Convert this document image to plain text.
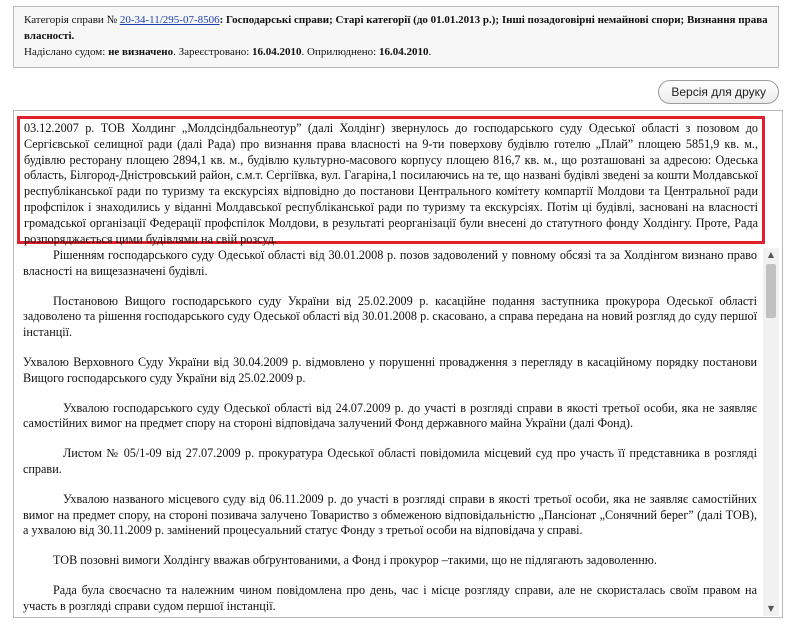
Категорія справи № 20-34-11/295-07-8506: Господарські справи; Старі категорії (до 01.01.2013 р.); Інші позадоговірні немайнові спори; Визнання права власності.
Надіслано судом: не визначено. Зареєстровано: 16.04.2010. Оприлюднено: 16.04.2010.
Версія для друку
03.12.2007 р. ТОВ Холдинг „Молдсіндбальнеотур” (далі Холдінг) звернулось до господарського суду Одеської області з позовом до Сергієвської селищної ради (далі Рада) про визнання права власності на 9-ти поверхову будівлю готелю „Плай” площею 5851,9 кв. м., будівлю ресторану площею 2894,1 кв. м., будівлю культурно-масового корпусу площею 816,7 кв. м., що розташовані за адресою: Одеська область, Білгород-Дністровський район, с.м.т. Сергіївка, вул. Гагаріна,1 посилаючись на те, що названі будівлі зведені за кошти Молдавської республіканської ради по туризму та екскурсіях відповідно до постанови Центрального комітету компартії Молдови та Центральної ради профспілок і знаходились у віданні Молдавської республіканської ради по туризму та екскурсіях. Потім ці будівлі, засновані на власності громадської організації Федерації профспілок Молдови, в результаті реорганізації були внесені до статутного фонду Холдінгу. Проте, Рада розпоряджається цими будівлями на свій розсуд.

Рішенням господарського суду Одеської області від 30.01.2008 р. позов задоволений у повному обсязі та за Холдінгом визнано право власності на вищезазначені будівлі.

Постановою Вищого господарського суду України від 25.02.2009 р. касаційне подання заступника прокурора Одеської області задоволено та рішення господарського суду Одеської області від 30.01.2008 р. скасовано, а справа передана на новий розгляд до суду першої інстанції.

Ухвалою Верховного Суду України від 30.04.2009 р. відмовлено у порушенні провадження з перегляду в касаційному порядку постанови Вищого господарського суду України від 25.02.2009 р.

Ухвалою господарського суду Одеської області від 24.07.2009 р. до участі в розгляді справи в якості третьої особи, яка не заявляє самостійних вимог на предмет спору на стороні відповідача залучений Фонд державного майна України (далі Фонд).

Листом № 05/1-09 від 27.07.2009 р. прокуратура Одеської області повідомила місцевий суд про участь її представника в розгляді справи.

Ухвалою названого місцевого суду від 06.11.2009 р. до участі в розгляді справи в якості третьої особи, яка не заявляє самостійних вимог на предмет спору, на стороні позивача залучено Товариство з обмеженою відповідальністю „Пансіонат „Сонячний берег” (далі ТОВ), а ухвалою від 30.11.2009 р. замінений процесуальний статус Фонду з третьої особи на відповідача у справі.

ТОВ позовні вимоги Холдінгу вважав обґрунтованими, а Фонд і прокурор –такими, що не підлягають задоволенню.

Рада була своєчасно та належним чином повідомлена про день, час і місце розгляду справи, але не скористалась своїм правом на участь в розгляді справи судом першої інстанції.

▲
▼
